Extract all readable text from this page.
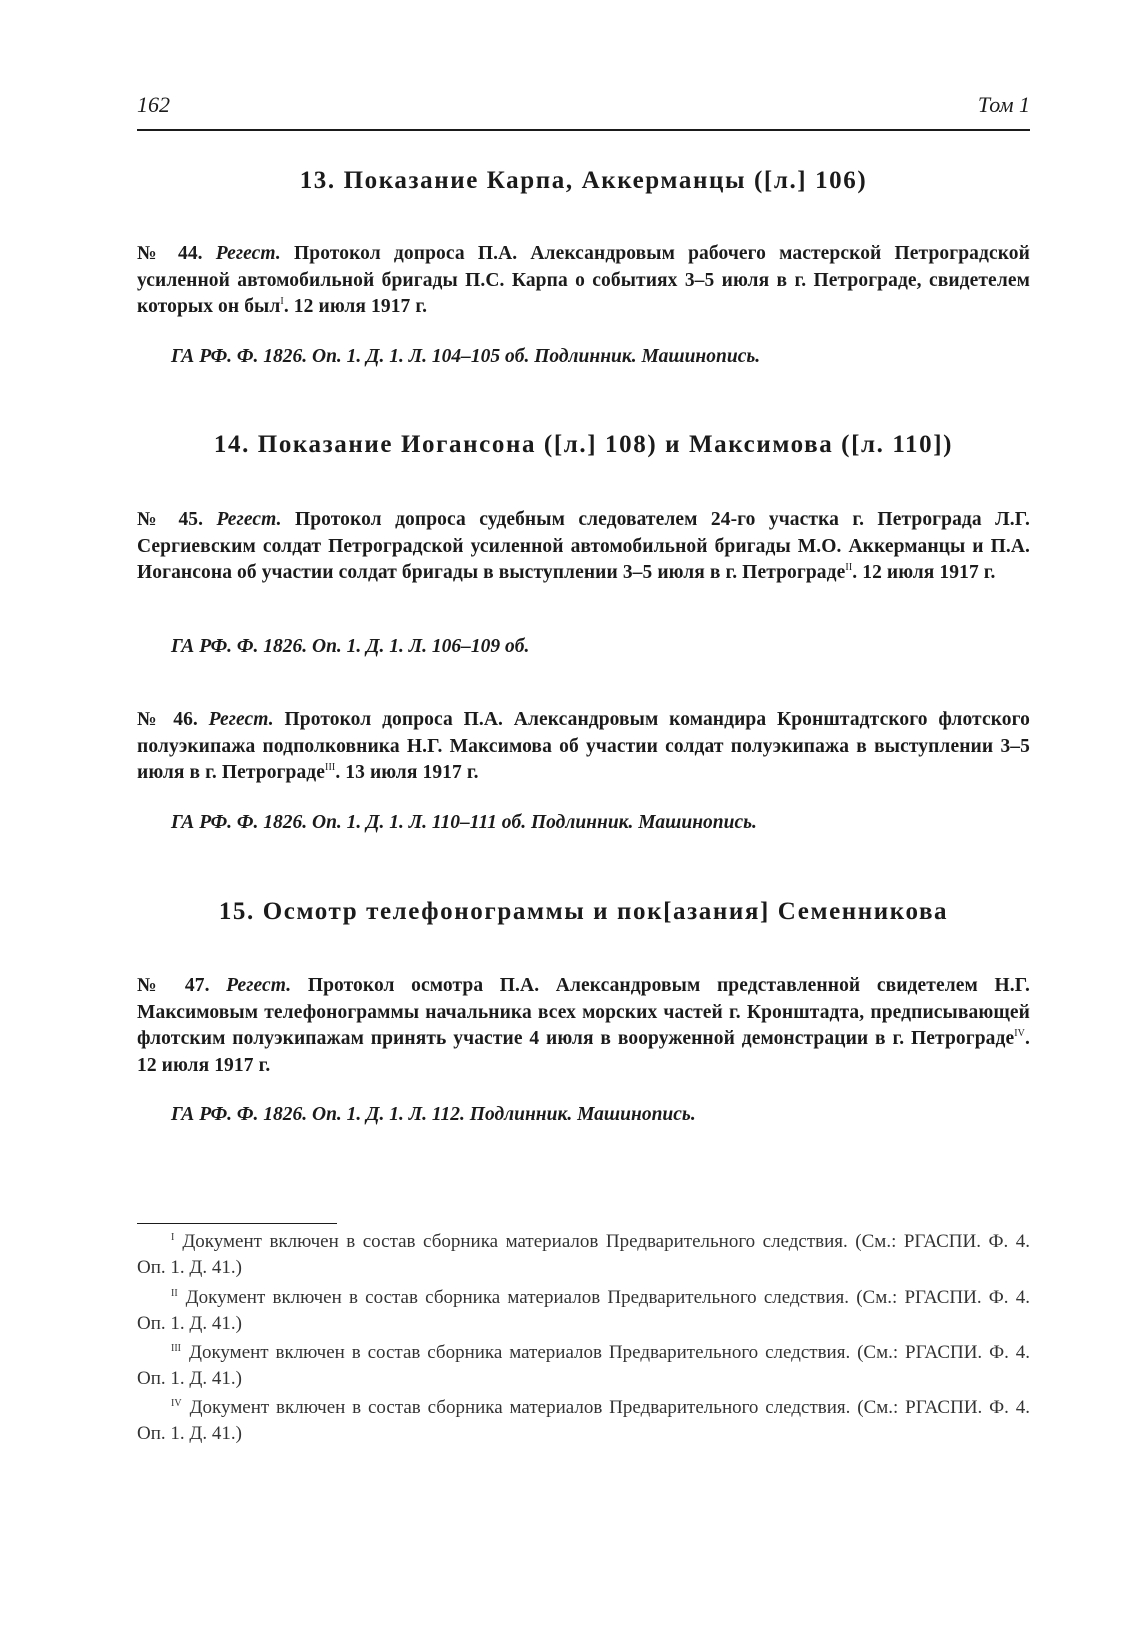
162	Том 1
13. Показание Карпа, Аккерманцы ([л.] 106)
№ 44. Регест. Протокол допроса П.А. Александровым рабочего мастерской Петроградской усиленной автомобильной бригады П.С. Карпа о событиях 3–5 июля в г. Петрограде, свидетелем которых он был$^I$. 12 июля 1917 г.
ГА РФ. Ф. 1826. Оп. 1. Д. 1. Л. 104–105 об. Подлинник. Машинопись.
14. Показание Иогансона ([л.] 108) и Максимова ([л. 110])
№ 45. Регест. Протокол допроса судебным следователем 24-го участка г. Петрограда Л.Г. Сергиевским солдат Петроградской усиленной автомобильной бригады М.О. Аккерманцы и П.А. Иогансона об участии солдат бригады в выступлении 3–5 июля в г. Петрограде$^{II}$. 12 июля 1917 г.
ГА РФ. Ф. 1826. Оп. 1. Д. 1. Л. 106–109 об.
№ 46. Регест. Протокол допроса П.А. Александровым командира Кронштадтского флотского полуэкипажа подполковника Н.Г. Максимова об участии солдат полуэкипажа в выступлении 3–5 июля в г. Петрограде$^{III}$. 13 июля 1917 г.
ГА РФ. Ф. 1826. Оп. 1. Д. 1. Л. 110–111 об. Подлинник. Машинопись.
15. Осмотр телефонограммы и пок[азания] Семенникова
№ 47. Регест. Протокол осмотра П.А. Александровым представленной свидетелем Н.Г. Максимовым телефонограммы начальника всех морских частей г. Кронштадта, предписывающей флотским полуэкипажам принять участие 4 июля в вооруженной демонстрации в г. Петрограде$^{IV}$. 12 июля 1917 г.
ГА РФ. Ф. 1826. Оп. 1. Д. 1. Л. 112. Подлинник. Машинопись.
$^I$ Документ включен в состав сборника материалов Предварительного следствия. (См.: РГАСПИ. Ф. 4. Оп. 1. Д. 41.)
$^{II}$ Документ включен в состав сборника материалов Предварительного следствия. (См.: РГАСПИ. Ф. 4. Оп. 1. Д. 41.)
$^{III}$ Документ включен в состав сборника материалов Предварительного следствия. (См.: РГАСПИ. Ф. 4. Оп. 1. Д. 41.)
$^{IV}$ Документ включен в состав сборника материалов Предварительного следствия. (См.: РГАСПИ. Ф. 4. Оп. 1. Д. 41.)
